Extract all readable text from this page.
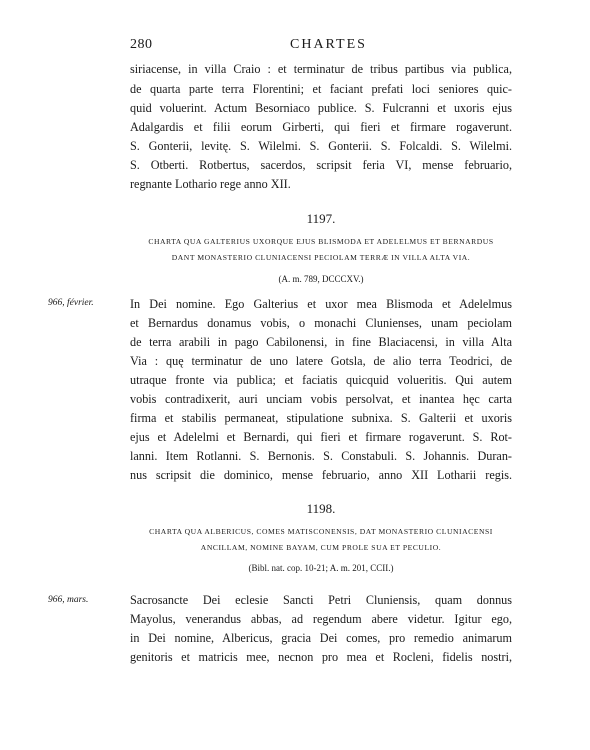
280	CHARTES
siriacense, in villa Craio : et terminatur de tribus partibus via publica,
de quarta parte terra Florentini; et faciant prefati loci seniores quic-
quid voluerint. Actum Besorniaco publice. S. Fulcranni et uxoris ejus
Adalgardis et filii eorum Girberti, qui fieri et firmare rogaverunt.
S. Gonterii, levitę. S. Wilelmi. S. Gonterii. S. Folcaldi. S. Wilelmi.
S. Otberti. Rotbertus, sacerdos, scripsit feria VI, mense februario,
regnante Lothario rege anno XII.
1197.
CHARTA QUA GALTERIUS UXORQUE EJUS BLISMODA ET ADELELMUS ET BERNARDUS
DANT MONASTERIO CLUNIACENSI PECIOLAM TERRÆ IN VILLA ALTA VIA.
(A. m. 789, DCCCXV.)
966, février.	In Dei nomine. Ego Galterius et uxor mea Blismoda et Adelelmus
et Bernardus donamus vobis, o monachi Clunienses, unam peciolam
de terra arabili in pago Cabilonensi, in fine Blaciacensi, in villa Alta
Via : quę terminatur de uno latere Gotsla, de alio terra Teodrici, de
utraque fronte via publica; et faciatis quicquid volueritis. Qui autem
vobis contradixerit, auri unciam vobis persolvat, et inantea hęc carta
firma et stabilis permaneat, stipulatione subnixa. S. Galterii et uxoris
ejus et Adelelmi et Bernardi, qui fieri et firmare rogaverunt. S. Rot-
lanni. Item Rotlanni. S. Bernonis. S. Constabuli. S. Johannis. Duran-
nus scripsit die dominico, mense februario, anno XII Lotharii regis.
1198.
CHARTA QUA ALBERICUS, COMES MATISCONENSIS, DAT MONASTERIO CLUNIACENSI
ANCILLAM, NOMINE BAYAM, CUM PROLE SUA ET PECULIO.
(Bibl. nat. cop. 10-21; A. m. 201, CCII.)
966, mars.	Sacrosancte Dei eclesie Sancti Petri Cluniensis, quam donnus
Mayolus, venerandus abbas, ad regendum abere videtur. Igitur ego,
in Dei nomine, Albericus, gracia Dei comes, pro remedio animarum
genitoris et matricis mee, necnon pro mea et Rocleni, fidelis nostri,
